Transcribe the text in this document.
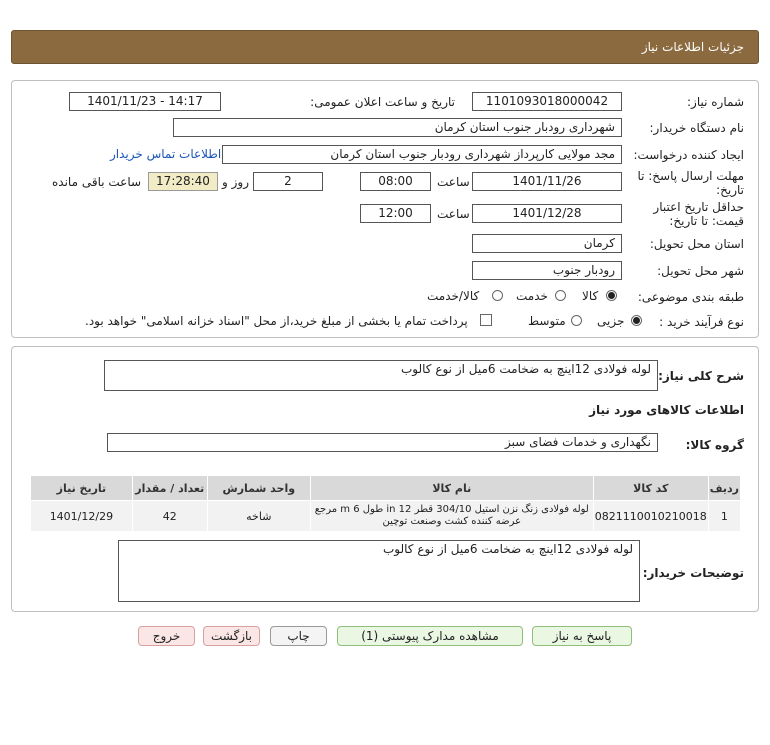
جزئیات اطلاعات نیاز
شماره نیاز:
1101093018000042
تاریخ و ساعت اعلان عمومی:
1401/11/23 - 14:17
نام دستگاه خریدار:
شهرداری رودبار جنوب استان کرمان
ایجاد کننده درخواست:
مجد مولایی کارپرداز شهرداری رودبار جنوب استان کرمان
اطلاعات تماس خریدار
مهلت ارسال پاسخ: تا
تاریخ:
1401/11/26
ساعت
08:00
2
روز و
17:28:40
ساعت باقی مانده
حداقل تاریخ اعتبار
قیمت: تا تاریخ:
1401/12/28
ساعت
12:00
استان محل تحویل:
کرمان
شهر محل تحویل:
رودبار جنوب
طبقه بندی موضوعی:
کالا
خدمت
کالا/خدمت
نوع فرآیند خرید :
جزیی
متوسط
پرداخت تمام یا بخشی از مبلغ خرید،از محل "اسناد خزانه اسلامی" خواهد بود.
شرح کلی نیاز:
لوله فولادی 12اینچ به ضخامت 6میل از نوع کالوب
اطلاعات کالاهای مورد نیاز
گروه کالا:
نگهداری و خدمات فضای سبز
ردیف	کد کالا	نام کالا	واحد شمارش	تعداد / مقدار	تاریخ نیاز
1	0821110010210018	لوله فولادی زنگ نزن استیل 304/10 قطر 12 in طول 6 m مرجع
عرضه کننده کشت وصنعت توچین	شاخه	42	1401/12/29
توضیحات خریدار:
لوله فولادی 12اینچ به ضخامت 6میل از نوع کالوب
پاسخ به نیاز
مشاهده مدارک پیوستی (1)
چاپ
بازگشت
خروج
